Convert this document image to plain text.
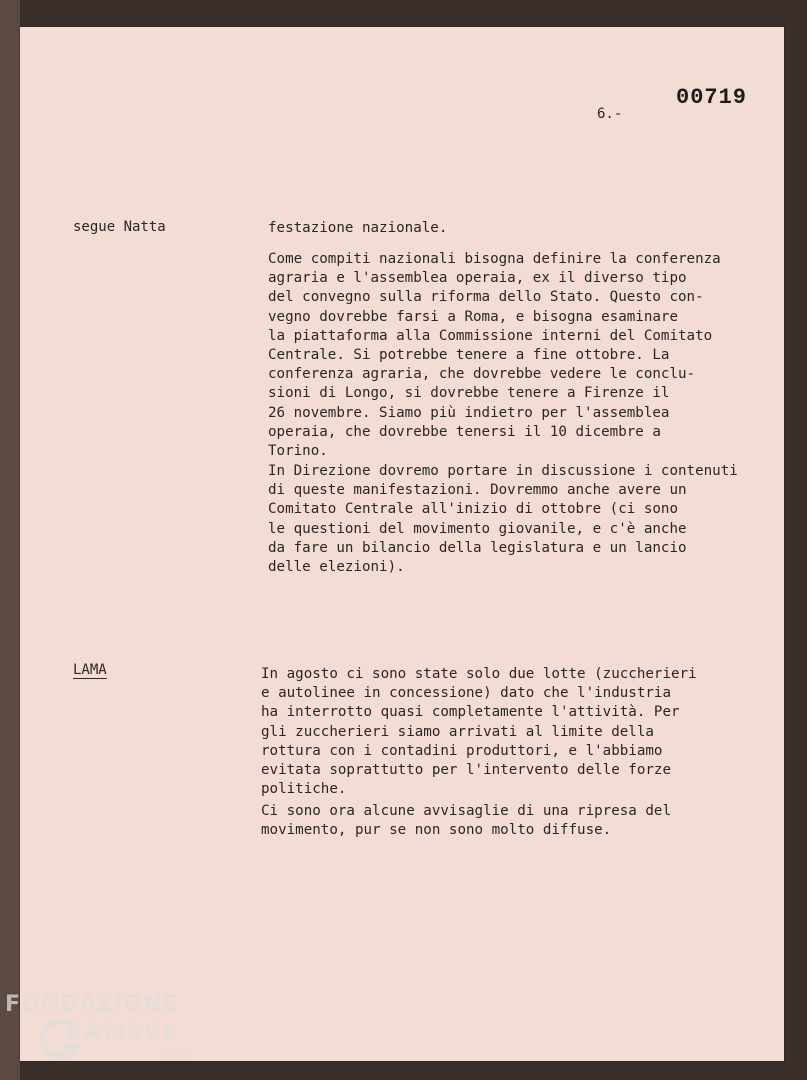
00719
6.-
segue Natta	festazione nazionale.

Come compiti nazionali bisogna definire la conferenza
agraria e l'assemblea operaia, ex il diverso tipo
del convegno sulla riforma dello Stato. Questo con-
vegno dovrebbe farsi a Roma, e bisogna esaminare
la piattaforma alla Commissione interni del Comitato
Centrale. Si potrebbe tenere a fine ottobre. La
conferenza agraria, che dovrebbe vedere le conclu-
sioni di Longo, si dovrebbe tenere a Firenze il
26 novembre. Siamo più indietro per l'assemblea
operaia, che dovrebbe tenersi il 10 dicembre a
Torino.

In Direzione dovremo portare in discussione i contenuti
di queste manifestazioni. Dovremmo anche avere un
Comitato Centrale all'inizio di ottobre (ci sono
le questioni del movimento giovanile, e c'è anche
da fare un bilancio della legislatura e un lancio
delle elezioni).

LAMA	In agosto ci sono state solo due lotte (zuccherieri
e autolinee in concessione) dato che l'industria
ha interrotto quasi completamente l'attività. Per
gli zuccherieri siamo arrivati al limite della
rottura con i contadini produttori, e l'abbiamo
evitata soprattutto per l'intervento delle forze
politiche.

Ci sono ora alcune avvisaglie di una ripresa del
movimento, pur se non sono molto diffuse.

FONDAZIONE
RAMSCI
online
